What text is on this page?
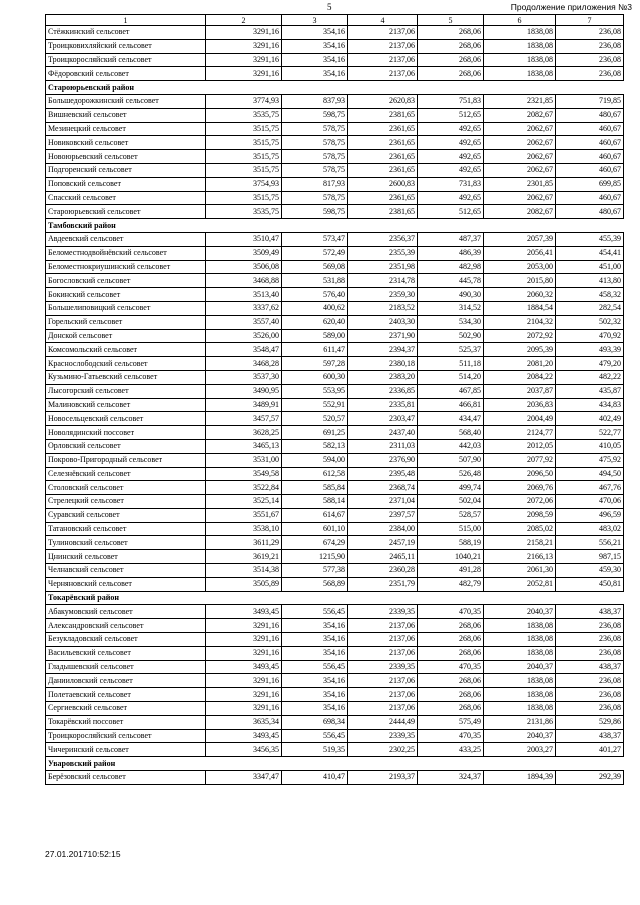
5	Продолжение приложения №3
1	2	3	4	5	6	7
Стёжкинский сельсовет	3291,16	354,16	2137,06	268,06	1838,08	236,08
Троицковихляйский сельсовет	3291,16	354,16	2137,06	268,06	1838,08	236,08
Троицкоросляйский сельсовет	3291,16	354,16	2137,06	268,06	1838,08	236,08
Фёдоровский сельсовет	3291,16	354,16	2137,06	268,06	1838,08	236,08
Староюрьевский район						
Большедорожкинский сельсовет	3774,93	837,93	2620,83	751,83	2321,85	719,85
Вишневский сельсовет	3535,75	598,75	2381,65	512,65	2082,67	480,67
Мезинецкий сельсовет	3515,75	578,75	2361,65	492,65	2062,67	460,67
Новиковский сельсовет	3515,75	578,75	2361,65	492,65	2062,67	460,67
Новоюрьевский сельсовет	3515,75	578,75	2361,65	492,65	2062,67	460,67
Подгоренский сельсовет	3515,75	578,75	2361,65	492,65	2062,67	460,67
Поповский сельсовет	3754,93	817,93	2600,83	731,83	2301,85	699,85
Спасский сельсовет	3515,75	578,75	2361,65	492,65	2062,67	460,67
Староюрьевский сельсовет	3535,75	598,75	2381,65	512,65	2082,67	480,67
Тамбовский район						
Авдеевский сельсовет	3510,47	573,47	2356,37	487,37	2057,39	455,39
Беломестнодвойнёвский сельсовет	3509,49	572,49	2355,39	486,39	2056,41	454,41
Беломестнокриушинский сельсовет	3506,08	569,08	2351,98	482,98	2053,00	451,00
Богословский сельсовет	3468,88	531,88	2314,78	445,78	2015,80	413,80
Бокинский сельсовет	3513,40	576,40	2359,30	490,30	2060,32	458,32
Большелиповицкий сельсовет	3337,62	400,62	2183,52	314,52	1884,54	282,54
Горельский сельсовет	3557,40	620,40	2403,30	534,30	2104,32	502,32
Донской сельсовет	3526,00	589,00	2371,90	502,90	2072,92	470,92
Комсомольский сельсовет	3548,47	611,47	2394,37	525,37	2095,39	493,39
Краснослободский сельсовет	3468,28	597,28	2380,18	511,18	2081,20	479,20
Кузьмино-Гатьевский сельсовет	3537,30	600,30	2383,20	514,20	2084,22	482,22
Лысогорский сельсовет	3490,95	553,95	2336,85	467,85	2037,87	435,87
Малиновский сельсовет	3489,91	552,91	2335,81	466,81	2036,83	434,83
Новосельцевский сельсовет	3457,57	520,57	2303,47	434,47	2004,49	402,49
Новолядинский поссовет	3628,25	691,25	2437,40	568,40	2124,77	522,77
Орловский сельсовет	3465,13	582,13	2311,03	442,03	2012,05	410,05
Покрово-Пригородный сельсовет	3531,00	594,00	2376,90	507,90	2077,92	475,92
Селезнёвский сельсовет	3549,58	612,58	2395,48	526,48	2096,50	494,50
Столовский сельсовет	3522,84	585,84	2368,74	499,74	2069,76	467,76
Стрелецкий сельсовет	3525,14	588,14	2371,04	502,04	2072,06	470,06
Суравский сельсовет	3551,67	614,67	2397,57	528,57	2098,59	496,59
Татановский сельсовет	3538,10	601,10	2384,00	515,00	2085,02	483,02
Тулиновский сельсовет	3611,29	674,29	2457,19	588,19	2158,21	556,21
Цнинский сельсовет	3619,21	1215,90	2465,11	1040,21	2166,13	987,15
Челнавский сельсовет	3514,38	577,38	2360,28	491,28	2061,30	459,30
Черняновский сельсовет	3505,89	568,89	2351,79	482,79	2052,81	450,81
Токарёвский район						
Абакумовский сельсовет	3493,45	556,45	2339,35	470,35	2040,37	438,37
Александровский сельсовет	3291,16	354,16	2137,06	268,06	1838,08	236,08
Безукладовский сельсовет	3291,16	354,16	2137,06	268,06	1838,08	236,08
Васильевский сельсовет	3291,16	354,16	2137,06	268,06	1838,08	236,08
Гладышевский сельсовет	3493,45	556,45	2339,35	470,35	2040,37	438,37
Данииловский сельсовет	3291,16	354,16	2137,06	268,06	1838,08	236,08
Полетаевский сельсовет	3291,16	354,16	2137,06	268,06	1838,08	236,08
Сергиевский сельсовет	3291,16	354,16	2137,06	268,06	1838,08	236,08
Токарёвский поссовет	3635,34	698,34	2444,49	575,49	2131,86	529,86
Троицкоросляйский сельсовет	3493,45	556,45	2339,35	470,35	2040,37	438,37
Чичеринский сельсовет	3456,35	519,35	2302,25	433,25	2003,27	401,27
Уваровский район						
Берёзовский сельсовет	3347,47	410,47	2193,37	324,37	1894,39	292,39
27.01.201710:52:15
